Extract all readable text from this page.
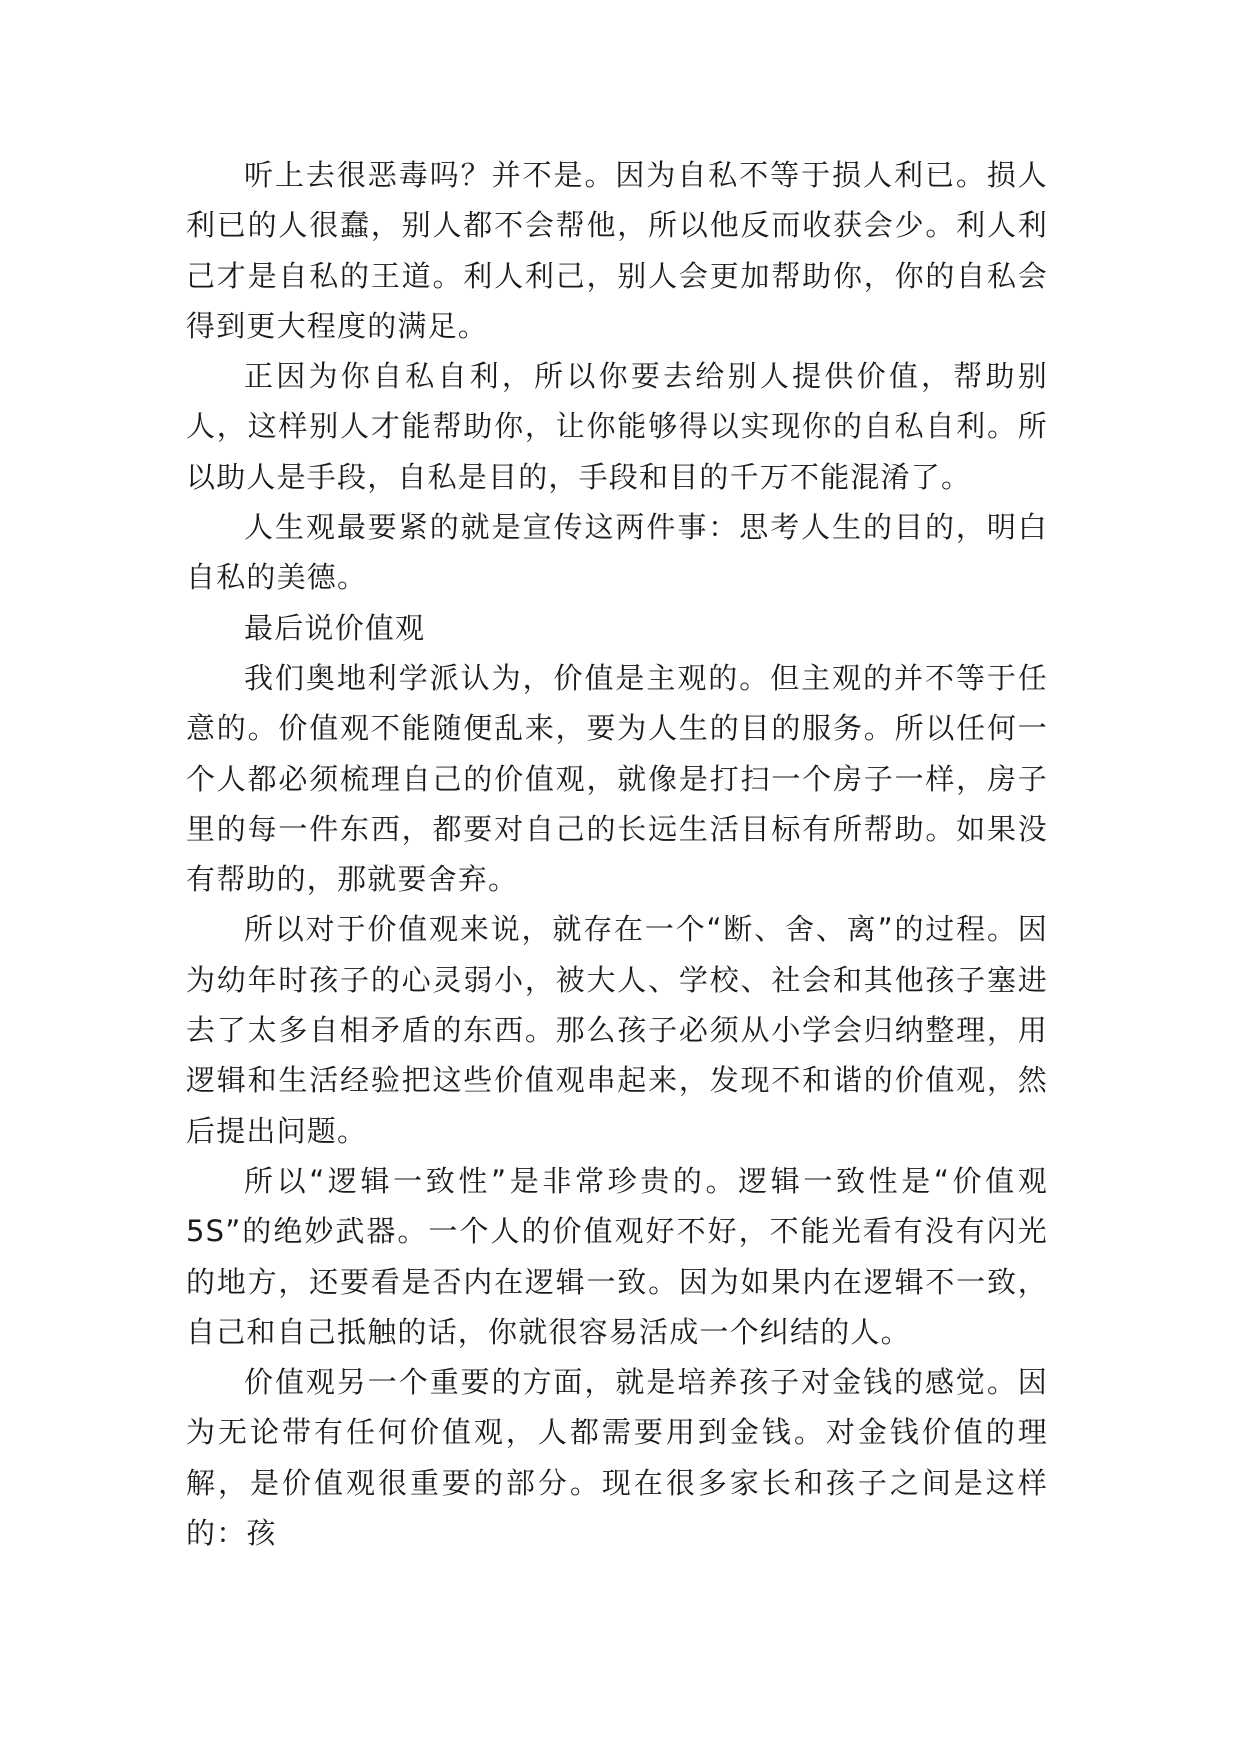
听上去很恶毒吗？并不是。因为自私不等于损人利已。损人利已的人很蠢，别人都不会帮他，所以他反而收获会少。利人利己才是自私的王道。利人利己，别人会更加帮助你，你的自私会得到更大程度的满足。

正因为你自私自利，所以你要去给别人提供价值，帮助别人，这样别人才能帮助你，让你能够得以实现你的自私自利。所以助人是手段，自私是目的，手段和目的千万不能混淆了。

人生观最要紧的就是宣传这两件事：思考人生的目的，明白自私的美德。

最后说价值观

我们奥地利学派认为，价值是主观的。但主观的并不等于任意的。价值观不能随便乱来，要为人生的目的服务。所以任何一个人都必须梳理自己的价值观，就像是打扫一个房子一样，房子里的每一件东西，都要对自己的长远生活目标有所帮助。如果没有帮助的，那就要舍弃。

所以对于价值观来说，就存在一个“断、舍、离”的过程。因为幼年时孩子的心灵弱小，被大人、学校、社会和其他孩子塞进去了太多自相矛盾的东西。那么孩子必须从小学会归纳整理，用逻辑和生活经验把这些价值观串起来，发现不和谐的价值观，然后提出问题。

所以“逻辑一致性”是非常珍贵的。逻辑一致性是“价值观5S”的绝妙武器。一个人的价值观好不好，不能光看有没有闪光的地方，还要看是否内在逻辑一致。因为如果内在逻辑不一致，自己和自己抵触的话，你就很容易活成一个纠结的人。

价值观另一个重要的方面，就是培养孩子对金钱的感觉。因为无论带有任何价值观，人都需要用到金钱。对金钱价值的理解，是价值观很重要的部分。现在很多家长和孩子之间是这样的：孩
